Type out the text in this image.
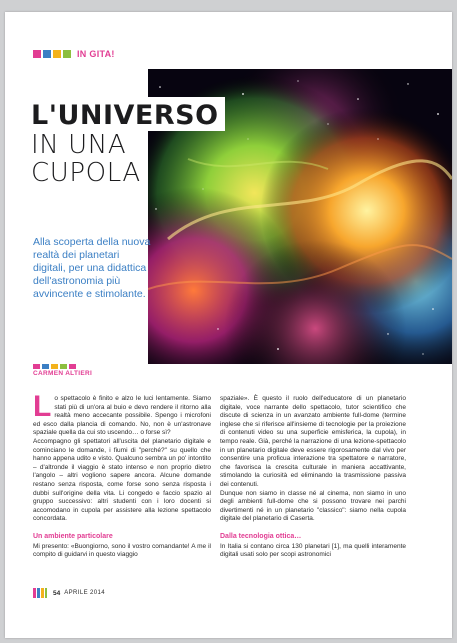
IN GITA!
L'UNIVERSO
IN UNA
CUPOLA
Alla scoperta della nuova realtà dei planetari digitali, per una didattica dell'astronomia più avvincente e stimolante.
CARMEN ALTIERI
L o spettacolo è finito e alzo le luci lentamente. Siamo stati più di un'ora al buio e devo rendere il ritorno alla realtà meno accecante possibile. Spengo i microfoni ed esco dalla plancia di comando. No, non è un'astronave spaziale quella da cui sto uscendo… o forse sì?

Accompagno gli spettatori all'uscita del planetario digitale e cominciano le domande, i fiumi di "perché?" su quello che hanno appena udito e visto. Qualcuno sembra un po' intontito – d'altronde il viaggio è stato intenso e non proprio dietro l'angolo – altri vogliono sapere ancora. Alcune domande restano senza risposta, come forse sono senza risposta i dubbi sull'origine della vita. Li congedo e faccio spazio al gruppo successivo: altri studenti con i loro docenti si accomodano in cupola per assistere alla lezione spettacolo concordata.

Un ambiente particolare

Mi presento: «Buongiorno, sono il vostro comandante! A me il compito di guidarvi in questo viaggio

spaziale». È questo il ruolo dell'educatore di un planetario digitale, voce narrante dello spettacolo, tutor scientifico che discute di scienza in un avanzato ambiente full-dome (termine inglese che si riferisce all'insieme di tecnologie per la proiezione di contenuti video su una superficie emisferica, la cupola), in tempo reale. Già, perché la narrazione di una lezione-spettacolo in un planetario digitale deve essere rigorosamente dal vivo per consentire una proficua interazione tra spettatore e narratore, che favorisca la crescita culturale in maniera accattivante, stimolando la curiosità ed eliminando la trasmissione passiva dei contenuti.

Dunque non siamo in classe né al cinema, non siamo in uno degli ambienti full-dome che si possono trovare nei parchi divertimenti né in un planetario "classico": siamo nella cupola digitale del planetario di Caserta.

Dalla tecnologia ottica…

In Italia si contano circa 130 planetari [1], ma quelli interamente digitali usati solo per scopi astronomici

54 APRILE 2014
